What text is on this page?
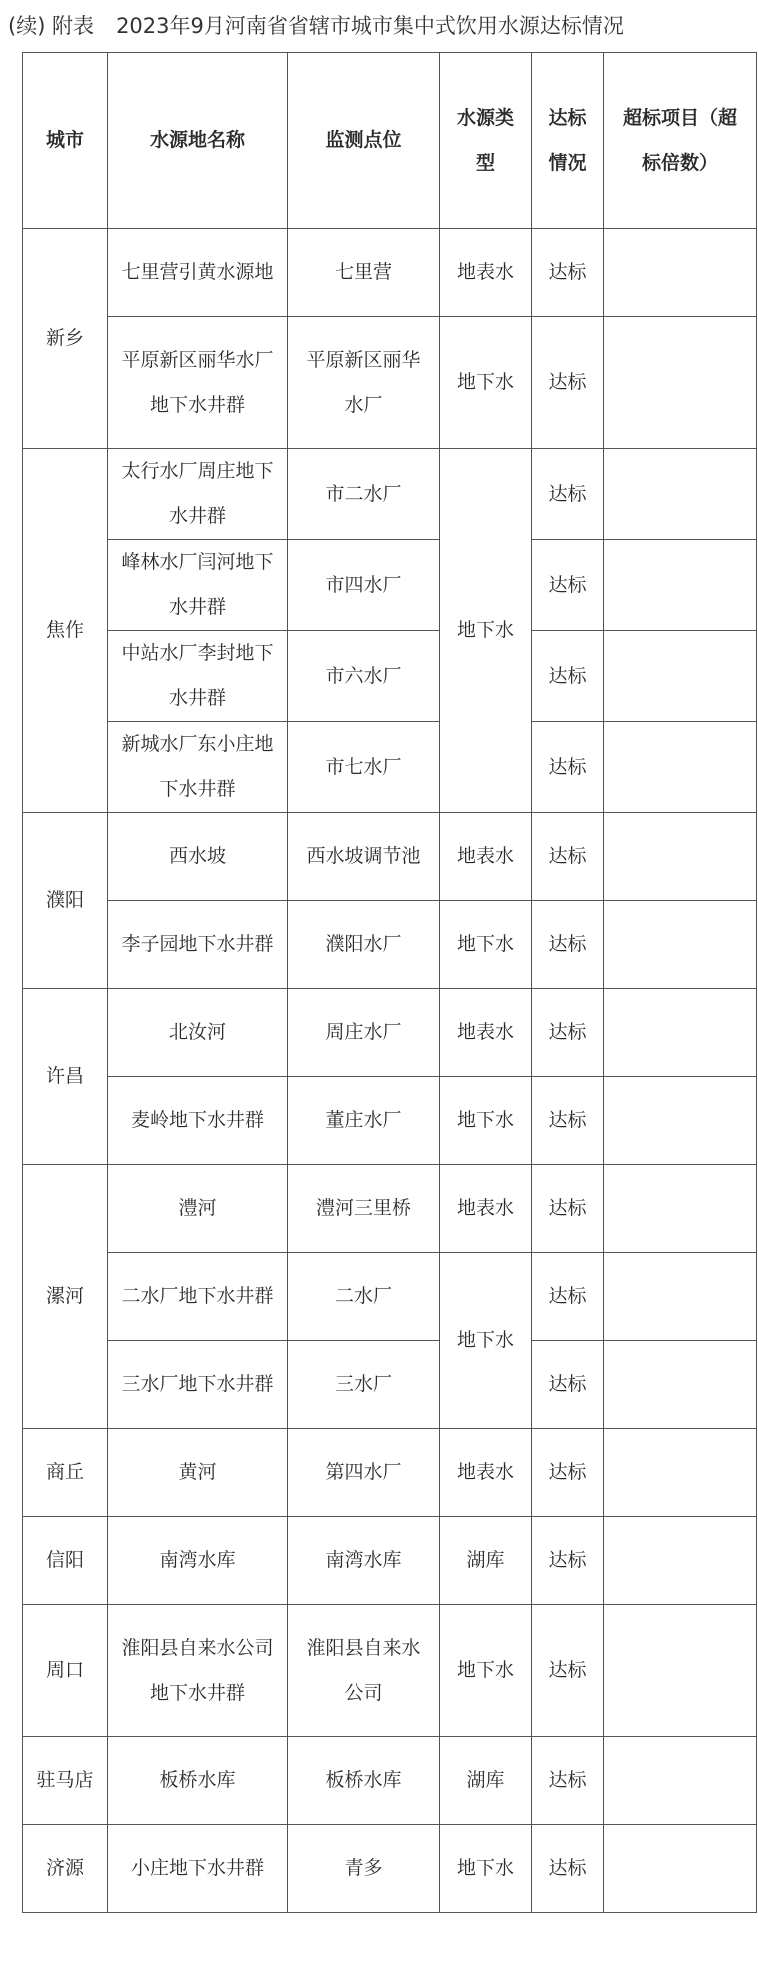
(续) 附表 2023年9月河南省省辖市城市集中式饮用水源达标情况
城市	水源地名称	监测点位	水源类型	达标情况	超标项目（超标倍数）
新乡	七里营引黄水源地	七里营	地表水	达标	
	平原新区丽华水厂地下水井群	平原新区丽华水厂	地下水	达标	
焦作	太行水厂周庄地下水井群	市二水厂	地下水	达标	
	峰林水厂闫河地下水井群	市四水厂		达标	
	中站水厂李封地下水井群	市六水厂		达标	
	新城水厂东小庄地下水井群	市七水厂		达标	
濮阳	西水坡	西水坡调节池	地表水	达标	
	李子园地下水井群	濮阳水厂	地下水	达标	
许昌	北汝河	周庄水厂	地表水	达标	
	麦岭地下水井群	董庄水厂	地下水	达标	
漯河	澧河	澧河三里桥	地表水	达标	
	二水厂地下水井群	二水厂	地下水	达标	
	三水厂地下水井群	三水厂		达标	
商丘	黄河	第四水厂	地表水	达标	
信阳	南湾水库	南湾水库	湖库	达标	
周口	淮阳县自来水公司地下水井群	淮阳县自来水公司	地下水	达标	
驻马店	板桥水库	板桥水库	湖库	达标	
济源	小庄地下水井群	青多	地下水	达标	
